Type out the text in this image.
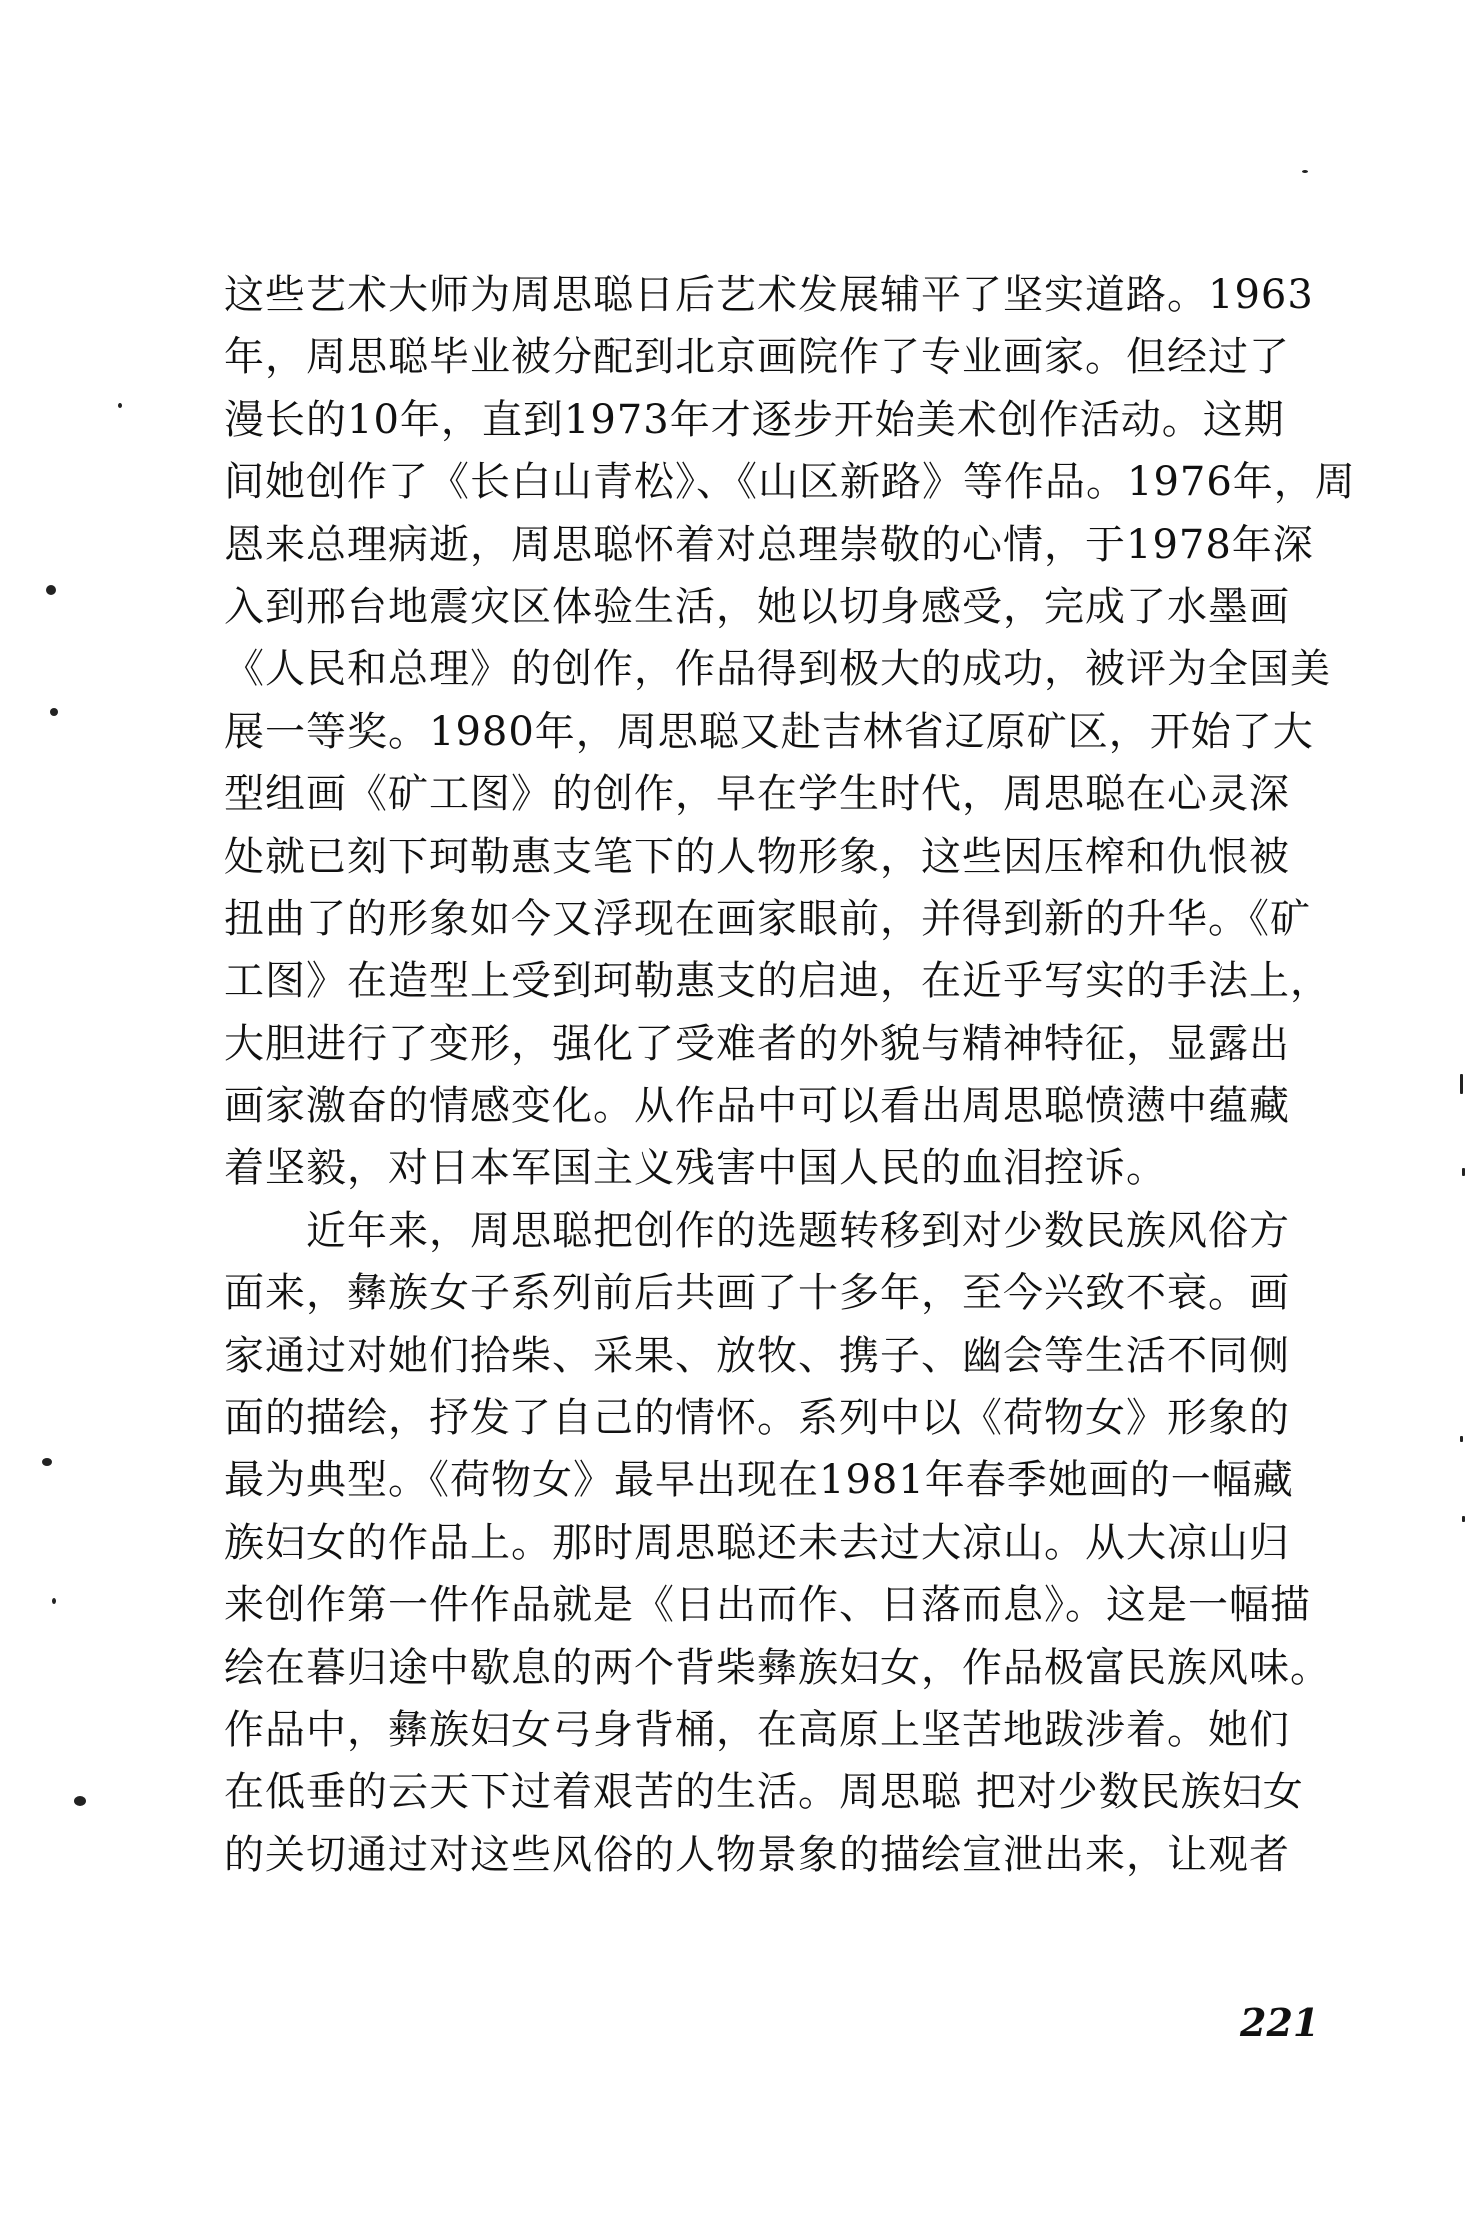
这些艺术大师为周思聪日后艺术发展辅平了坚实道路。1963
年，周思聪毕业被分配到北京画院作了专业画家。但经过了
漫长的10年，直到1973年才逐步开始美术创作活动。这期
间她创作了《长白山青松》、《山区新路》等作品。1976年，周
恩来总理病逝，周思聪怀着对总理崇敬的心情，于1978年深
入到邢台地震灾区体验生活，她以切身感受，完成了水墨画
《人民和总理》的创作，作品得到极大的成功，被评为全国美
展一等奖。1980年，周思聪又赴吉林省辽原矿区，开始了大
型组画《矿工图》的创作，早在学生时代，周思聪在心灵深
处就已刻下珂勒惠支笔下的人物形象，这些因压榨和仇恨被
扭曲了的形象如今又浮现在画家眼前，并得到新的升华。《矿
工图》在造型上受到珂勒惠支的启迪，在近乎写实的手法上，
大胆进行了变形，强化了受难者的外貌与精神特征，显露出
画家激奋的情感变化。从作品中可以看出周思聪愤懑中蕴藏
着坚毅，对日本军国主义残害中国人民的血泪控诉。
近年来，周思聪把创作的选题转移到对少数民族风俗方
面来，彝族女子系列前后共画了十多年，至今兴致不衰。画
家通过对她们拾柴、采果、放牧、携子、幽会等生活不同侧
面的描绘，抒发了自己的情怀。系列中以《荷物女》形象的
最为典型。《荷物女》最早出现在1981年春季她画的一幅藏
族妇女的作品上。那时周思聪还未去过大凉山。从大凉山归
来创作第一件作品就是《日出而作、日落而息》。这是一幅描
绘在暮归途中歇息的两个背柴彝族妇女，作品极富民族风味。
作品中，彝族妇女弓身背桶，在高原上坚苦地跋涉着。她们
在低垂的云天下过着艰苦的生活。周思聪 把对少数民族妇女
的关切通过对这些风俗的人物景象的描绘宣泄出来，让观者
221
